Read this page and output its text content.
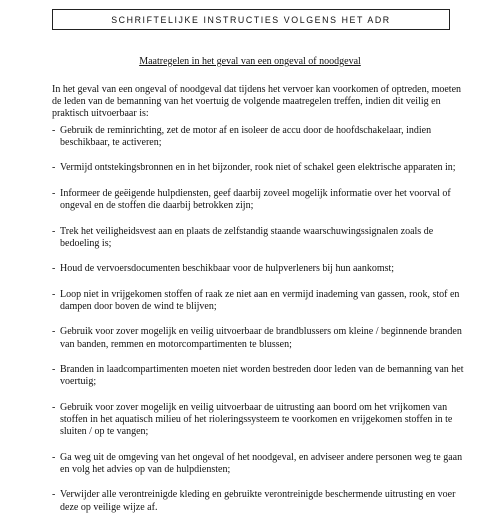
SCHRIFTELIJKE INSTRUCTIES VOLGENS HET ADR
Maatregelen in het geval van een ongeval of noodgeval

In het geval van een ongeval of noodgeval dat tijdens het vervoer kan voorkomen of optreden, moeten de leden van de bemanning van het voertuig de volgende maatregelen treffen, indien dit veilig en praktisch uitvoerbaar is:

- Gebruik de reminrichting, zet de motor af en isoleer de accu door de hoofdschakelaar, indien beschikbaar, te activeren;
- Vermijd ontstekingsbronnen en in het bijzonder, rook niet of schakel geen elektrische apparaten in;
- Informeer de geëigende hulpdiensten, geef daarbij zoveel mogelijk informatie over het voorval of ongeval en de stoffen die daarbij betrokken zijn;
- Trek het veiligheidsvest aan en plaats de zelfstandig staande waarschuwingssignalen zoals de bedoeling is;
- Houd de vervoersdocumenten beschikbaar voor de hulpverleners bij hun aankomst;
- Loop niet in vrijgekomen stoffen of raak ze niet aan en vermijd inademing van gassen, rook, stof en dampen door boven de wind te blijven;
- Gebruik voor zover mogelijk en veilig uitvoerbaar de brandblussers om kleine / beginnende branden van banden, remmen en motorcompartimenten te blussen;
- Branden in laadcompartimenten moeten niet worden bestreden door leden van de bemanning van het voertuig;
- Gebruik voor zover mogelijk en veilig uitvoerbaar de uitrusting aan boord om het vrijkomen van stoffen in het aquatisch milieu of het rioleringssysteem te voorkomen en vrijgekomen stoffen in te sluiten / op te vangen;
- Ga weg uit de omgeving van het ongeval of het noodgeval, en adviseer andere personen weg te gaan en volg het advies op van de hulpdiensten;
- Verwijder alle verontreinigde kleding en gebruikte verontreinigde beschermende uitrusting en voer deze op veilige wijze af.
